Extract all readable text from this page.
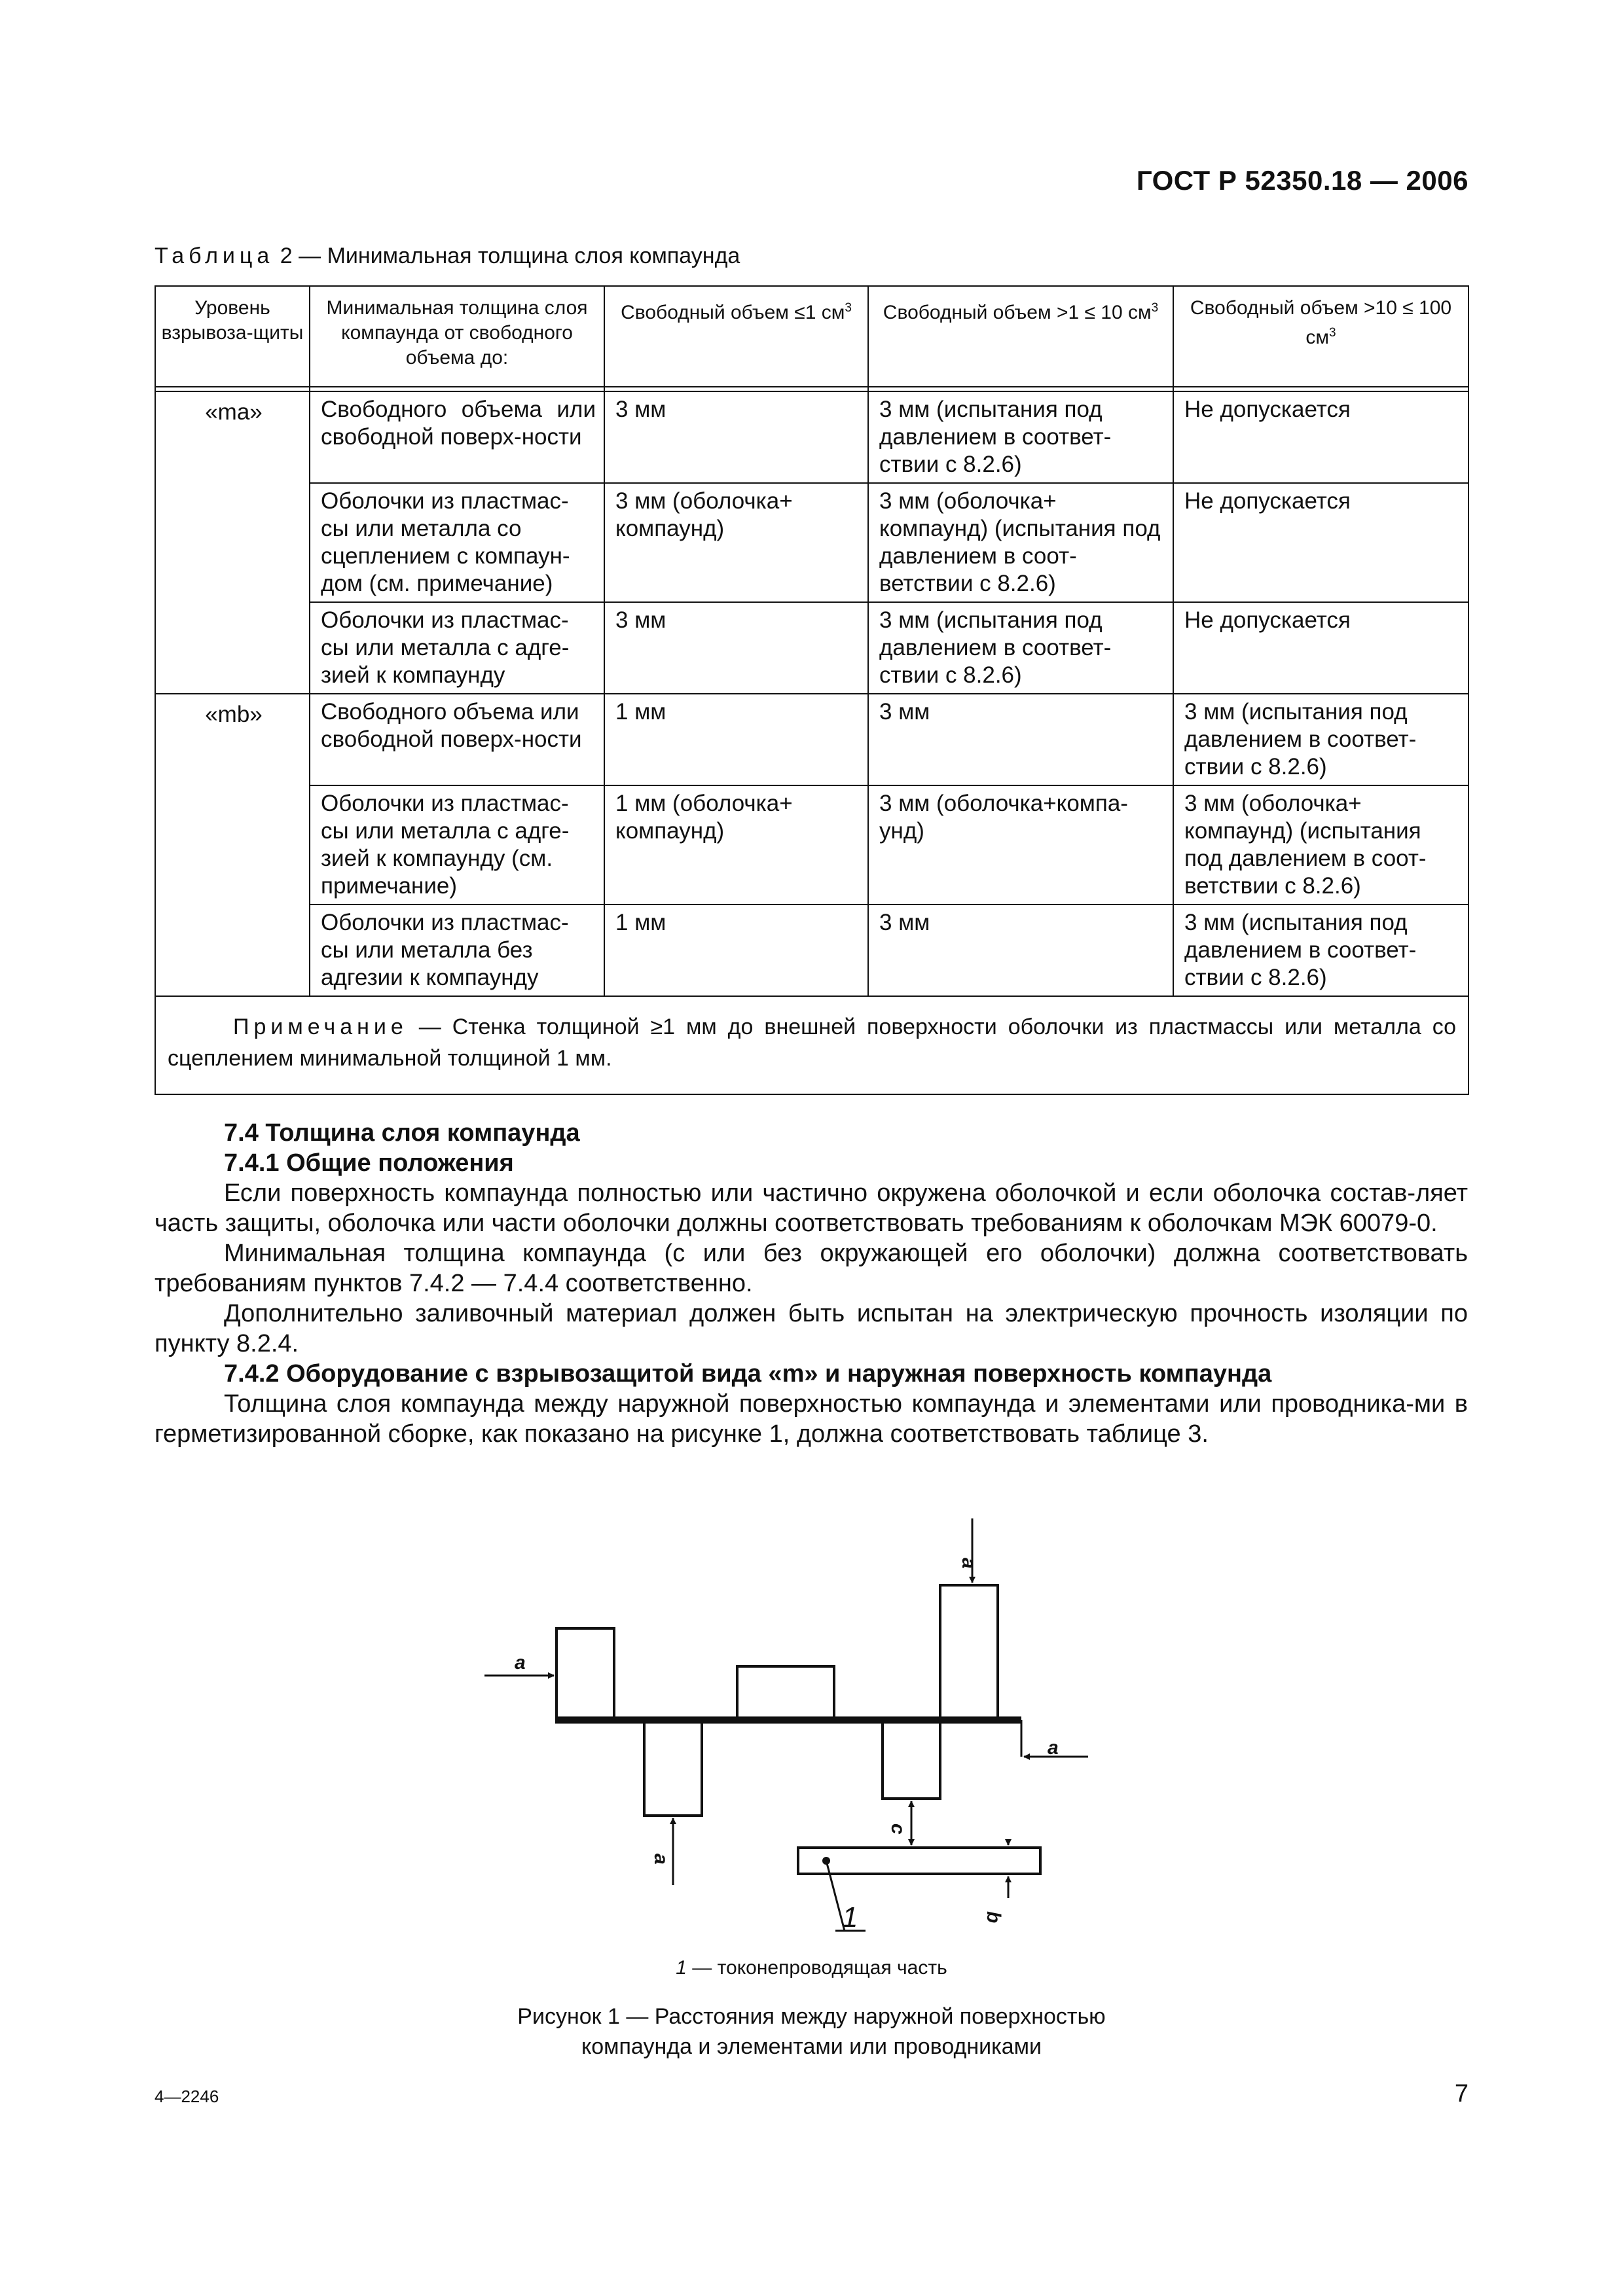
ГОСТ Р 52350.18 — 2006
Таблица 2 — Минимальная толщина слоя компаунда
Уровень взрывоза-щиты	Минимальная толщина слоя компаунда от свободного объема до:	Свободный объем ≤1 $см^3$	Свободный объем >1 ≤ 10 $см^3$	Свободный объем >10 ≤ 100 $см^3$

«ma»	Свободного объема или свободной поверх-ности	3 мм	3 мм (испытания под давлением в соответ-ствии с 8.2.6)	Не допускается
	Оболочки из пластмас-сы или металла со сцеплением с компаун-дом (см. примечание)	3 мм (оболочка+ компаунд)	3 мм (оболочка+ компаунд) (испытания под давлением в соот-ветствии с 8.2.6)	Не допускается
	Оболочки из пластмас-сы или металла с адге-зией к компаунду	3 мм	3 мм (испытания под давлением в соответ-ствии с 8.2.6)	Не допускается
«mb»	Свободного объема или свободной поверх-ности	1 мм	3 мм	3 мм (испытания под давлением в соответ-ствии с 8.2.6)
	Оболочки из пластмас-сы или металла с адге-зией к компаунду (см. примечание)	1 мм (оболочка+ компаунд)	3 мм (оболочка+компа-унд)	3 мм (оболочка+ компаунд) (испытания под давлением в соот-ветствии с 8.2.6)
	Оболочки из пластмас-сы или металла без адгезии к компаунду	1 мм	3 мм	3 мм (испытания под давлением в соответ-ствии с 8.2.6)
Примечание — Стенка толщиной ≥1 мм до внешней поверхности оболочки из пластмассы или металла со сцеплением минимальной толщиной 1 мм.				
7.4 Толщина слоя компаунда
7.4.1 Общие положения

Если поверхность компаунда полностью или частично окружена оболочкой и если оболочка состав-ляет часть защиты, оболочка или части оболочки должны соответствовать требованиям к оболочкам МЭК 60079-0.

Минимальная толщина компаунда (с или без окружающей его оболочки) должна соответствовать требованиям пунктов 7.4.2 — 7.4.4 соответственно.

Дополнительно заливочный материал должен быть испытан на электрическую прочность изоляции по пункту 8.2.4.

7.4.2 Оборудование с взрывозащитой вида «m» и наружная поверхность компаунда

Толщина слоя компаунда между наружной поверхностью компаунда и элементами или проводника-ми в герметизированной сборке, как показано на рисунке 1, должна соответствовать таблице 3.

a
a
a
a
c
b
1
1 — токонепроводящая часть
Рисунок 1 — Расстояния между наружной поверхностью
компаунда и элементами или проводниками
4—2246	7
